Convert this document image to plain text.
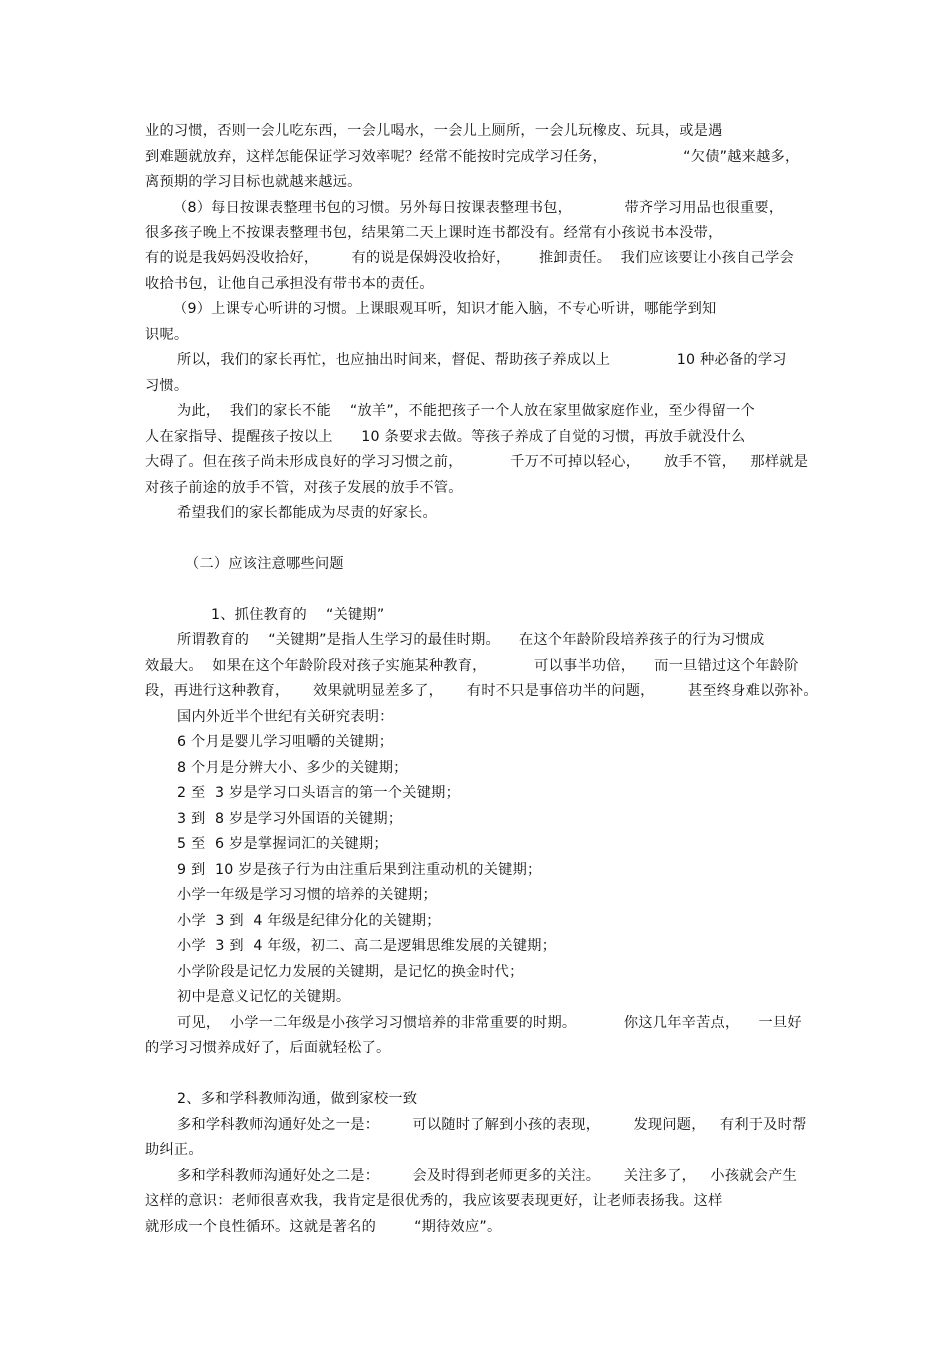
业的习惯，否则一会儿吃东西，一会儿喝水，一会儿上厕所，一会儿玩橡皮、玩具，或是遇
到难题就放弃，这样怎能保证学习效率呢？经常不能按时完成学习任务，                “欠债”越来越多，
离预期的学习目标也就越来越远。
（8）每日按课表整理书包的习惯。另外每日按课表整理书包，           带齐学习用品也很重要，
很多孩子晚上不按课表整理书包，结果第二天上课时连书都没有。经常有小孩说书本没带，
有的说是我妈妈没收拾好，       有的说是保姆没收拾好，      推卸责任。  我们应该要让小孩自己学会
收拾书包，让他自己承担没有带书本的责任。
（9）上课专心听讲的习惯。上课眼观耳听，知识才能入脑，不专心听讲，哪能学到知
识呢。
所以，我们的家长再忙，也应抽出时间来，督促、帮助孩子养成以上              10 种必备的学习
习惯。
为此，  我们的家长不能    “放羊”，不能把孩子一个人放在家里做家庭作业，至少得留一个
人在家指导、提醒孩子按以上      10 条要求去做。等孩子养成了自觉的习惯，再放手就没什么
大碍了。但在孩子尚未形成良好的学习习惯之前，          千万不可掉以轻心，     放手不管，   那样就是
对孩子前途的放手不管，对孩子发展的放手不管。
希望我们的家长都能成为尽责的好家长。
（二）应该注意哪些问题
1、抓住教育的    “关键期”
所谓教育的    “关键期”是指人生学习的最佳时期。    在这个年龄阶段培养孩子的行为习惯成
效最大。  如果在这个年龄阶段对孩子实施某种教育，          可以事半功倍，    而一旦错过这个年龄阶
段，再进行这种教育，     效果就明显差多了，     有时不只是事倍功半的问题，       甚至终身难以弥补。
国内外近半个世纪有关研究表明：
6 个月是婴儿学习咀嚼的关键期；
8 个月是分辨大小、多少的关键期；
2 至  3 岁是学习口头语言的第一个关键期；
3 到  8 岁是学习外国语的关键期；
5 至  6 岁是掌握词汇的关键期；
9 到  10 岁是孩子行为由注重后果到注重动机的关键期；
小学一年级是学习习惯的培养的关键期；
小学  3 到  4 年级是纪律分化的关键期；
小学  3 到  4 年级，初二、高二是逻辑思维发展的关键期；
小学阶段是记忆力发展的关键期，是记忆的换金时代；
初中是意义记忆的关键期。
可见，  小学一二年级是小孩学习习惯培养的非常重要的时期。          你这几年辛苦点，    一旦好
的学习习惯养成好了，后面就轻松了。
2、多和学科教师沟通，做到家校一致
多和学科教师沟通好处之一是：       可以随时了解到小孩的表现，       发现问题，   有利于及时帮
助纠正。
多和学科教师沟通好处之二是：       会及时得到老师更多的关注。     关注多了，   小孩就会产生
这样的意识：老师很喜欢我，我肯定是很优秀的，我应该要表现更好，让老师表扬我。这样
就形成一个良性循环。这就是著名的        “期待效应”。
